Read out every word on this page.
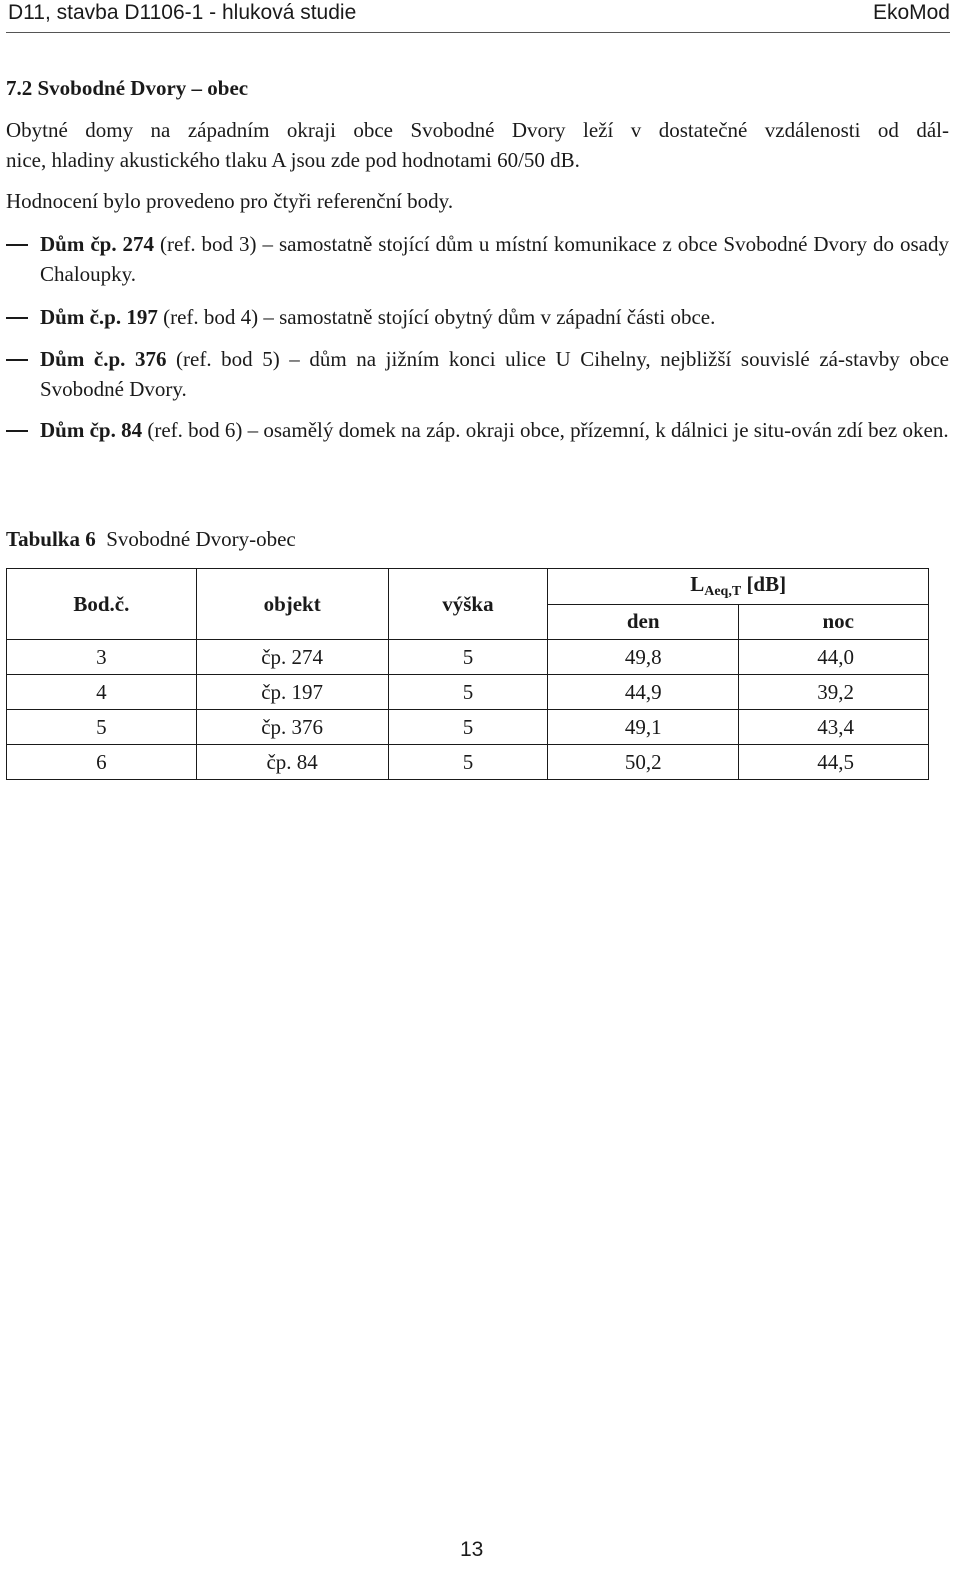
D11, stavba D1106-1 - hluková studie	EkoMod
7.2 Svobodné Dvory – obec
Obytné domy na západním okraji obce Svobodné Dvory leží v dostatečné vzdálenosti od dál-
nice, hladiny akustického tlaku A jsou zde pod hodnotami 60/50 dB.
Hodnocení bylo provedeno pro čtyři referenční body.
Dům čp. 274 (ref. bod 3) – samostatně stojící dům u místní komunikace z obce Svobodné Dvory do osady Chaloupky.
Dům č.p. 197 (ref. bod 4) – samostatně stojící obytný dům v západní části obce.
Dům č.p. 376 (ref. bod 5) – dům na jižním konci ulice U Cihelny, nejbližší souvislé zá-stavby obce Svobodné Dvory.
Dům čp. 84 (ref. bod 6) – osamělý domek na záp. okraji obce, přízemní, k dálnici je situ-ován zdí bez oken.
Tabulka 6  Svobodné Dvory-obec
Bod.č.	objekt	výška	$L_{Aeq,T}$ [dB]	
			den	noc
3	čp. 274	5	49,8	44,0
4	čp. 197	5	44,9	39,2
5	čp. 376	5	49,1	43,4
6	čp. 84	5	50,2	44,5
13
